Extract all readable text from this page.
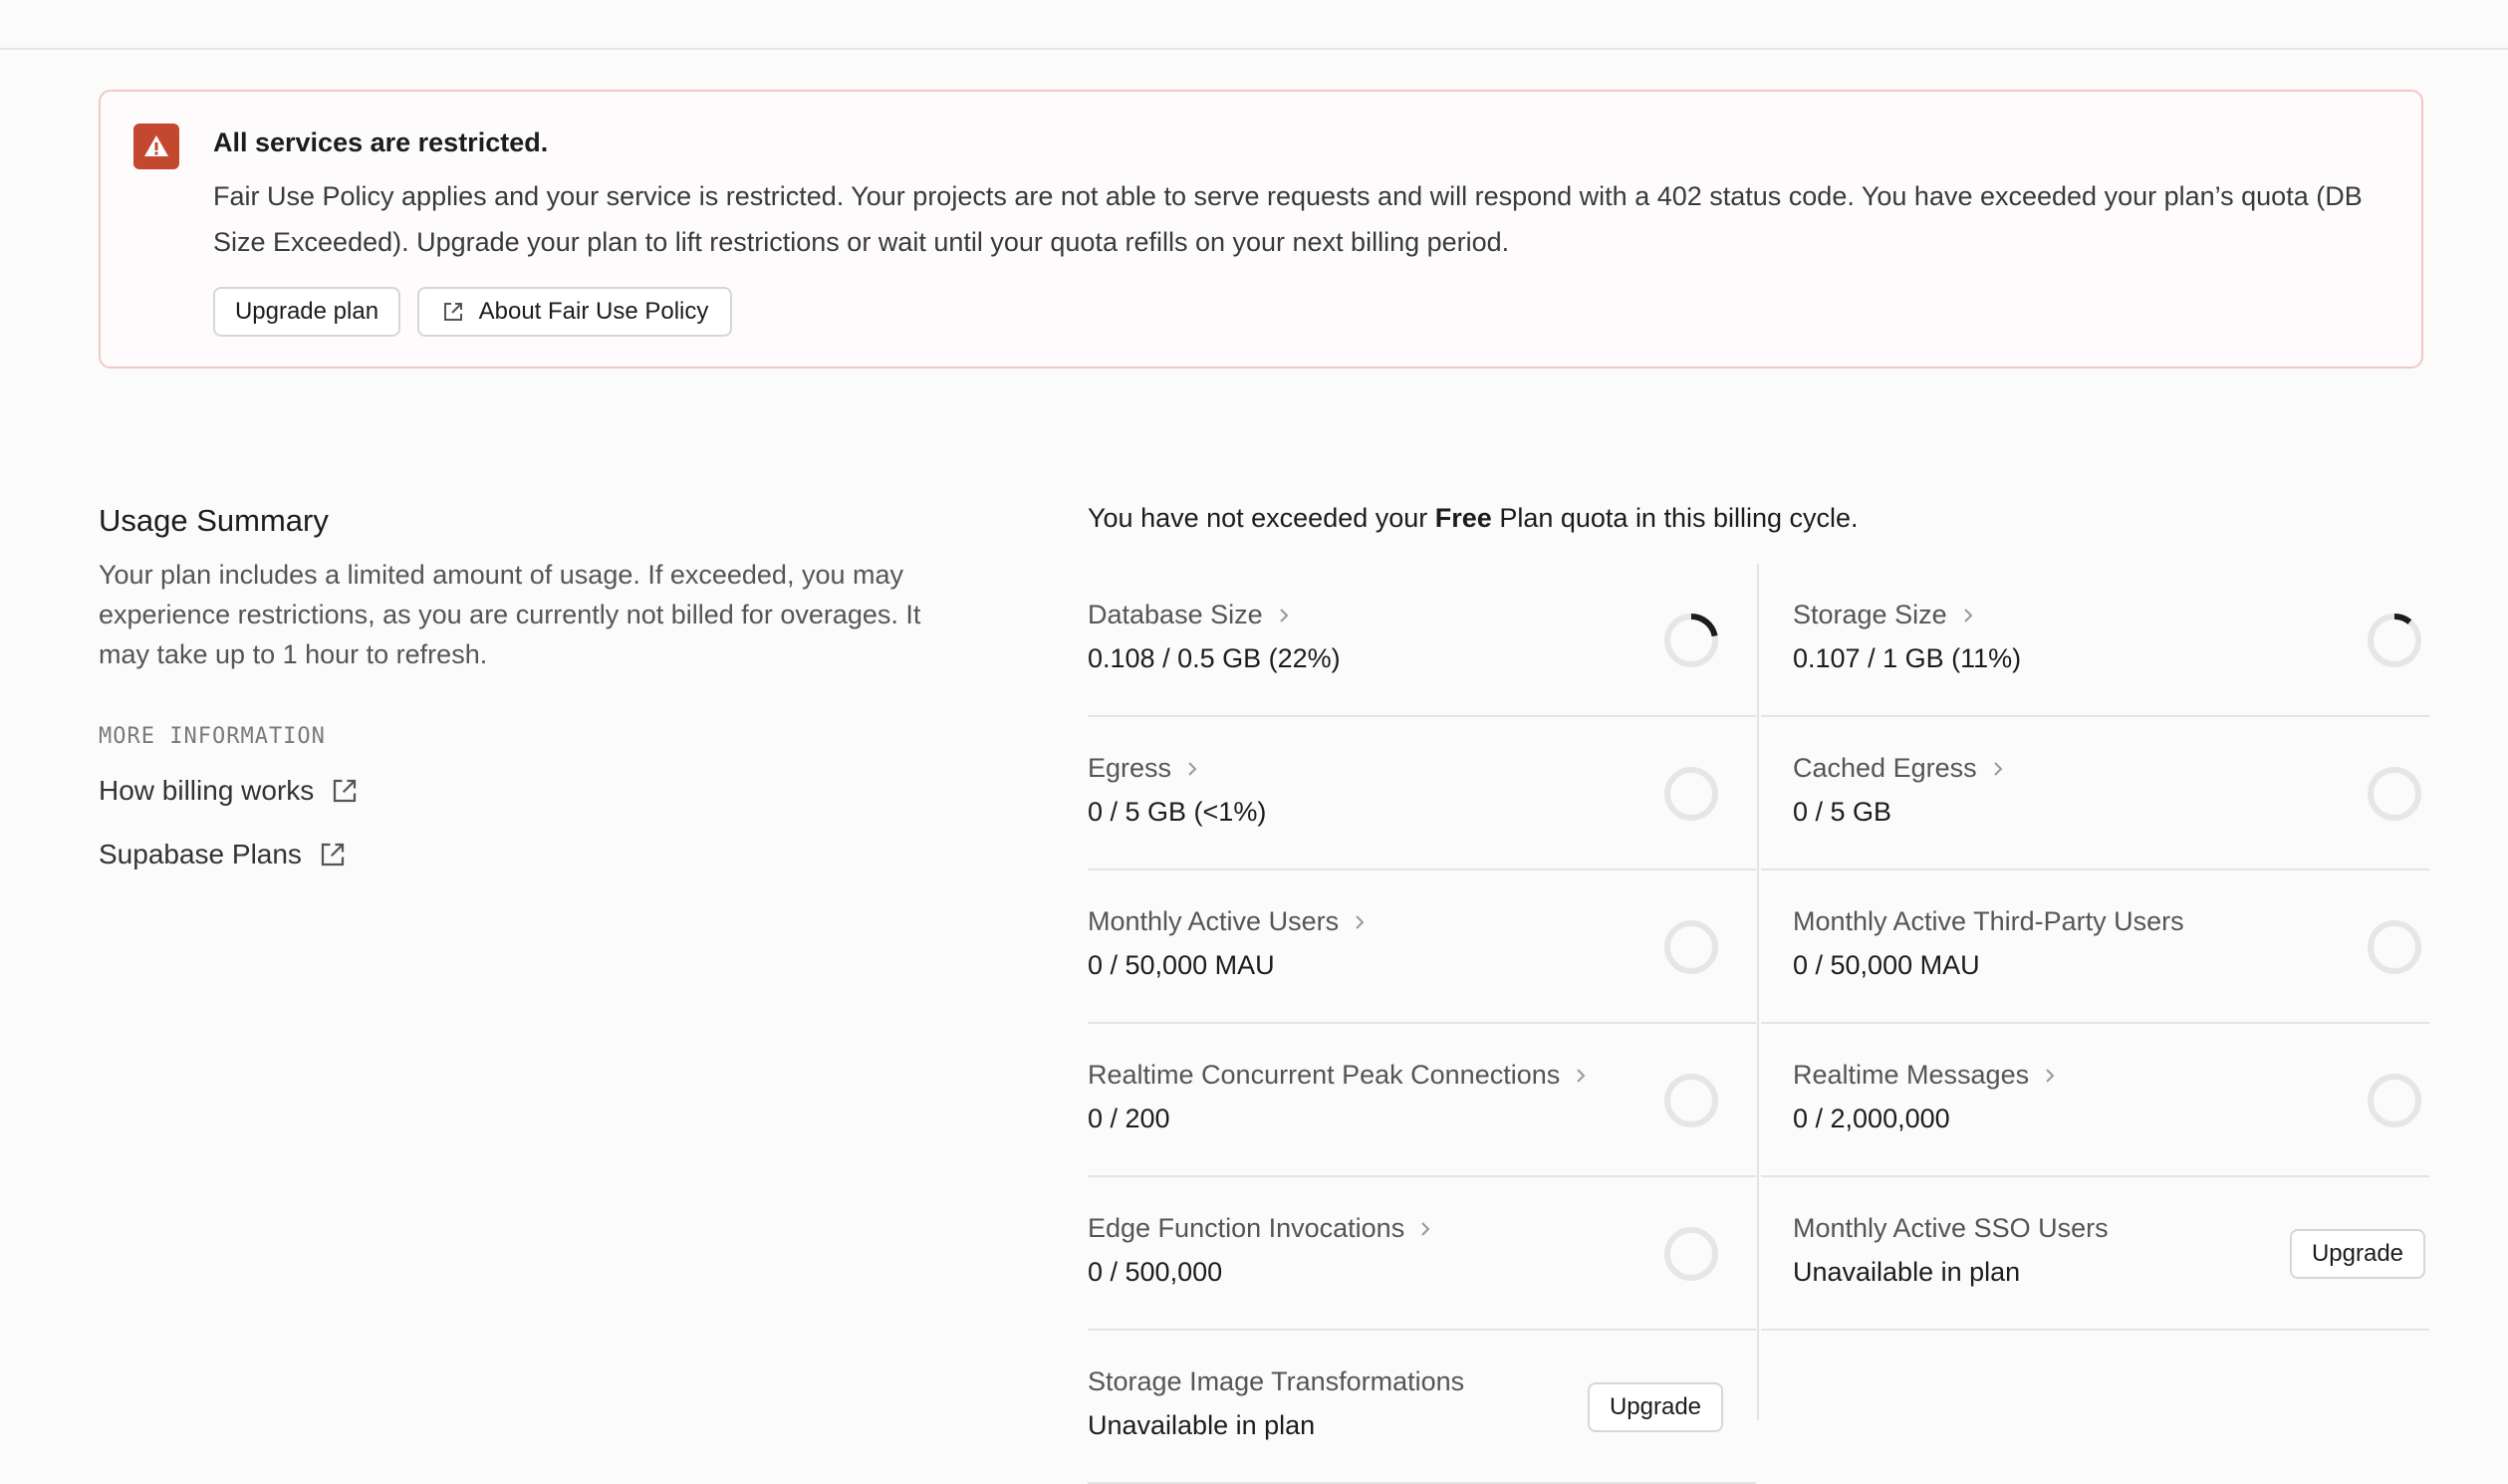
All services are restricted.
Fair Use Policy applies and your service is restricted. Your projects are not able to serve requests and will respond with a 402 status code. You have exceeded your plan’s quota (DB Size Exceeded). Upgrade your plan to lift restrictions or wait until your quota refills on your next billing period.
Upgrade plan	About Fair Use Policy
Usage Summary
Your plan includes a limited amount of usage. If exceeded, you may experience restrictions, as you are currently not billed for overages. It may take up to 1 hour to refresh.
MORE INFORMATION
How billing works
Supabase Plans
You have not exceeded your Free Plan quota in this billing cycle.
Database Size
0.108 / 0.5 GB (22%)
Storage Size
0.107 / 1 GB (11%)
Egress
0 / 5 GB (<1%)
Cached Egress
0 / 5 GB
Monthly Active Users
0 / 50,000 MAU
Monthly Active Third-Party Users
0 / 50,000 MAU
Realtime Concurrent Peak Connections
0 / 200
Realtime Messages
0 / 2,000,000
Edge Function Invocations
0 / 500,000
Monthly Active SSO Users
Unavailable in plan
Upgrade
Storage Image Transformations
Unavailable in plan
Upgrade
